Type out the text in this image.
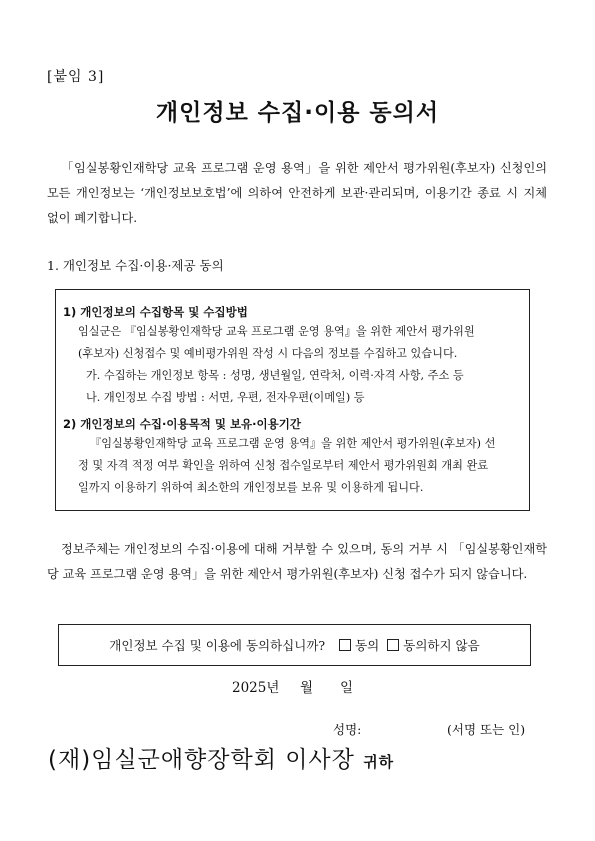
[붙임 3]
개인정보 수집·이용 동의서
「임실봉황인재학당 교육 프로그램 운영 용역」을 위한 제안서 평가위원(후보자) 신청인의 모든 개인정보는 ‘개인정보보호법’에 의하여 안전하게 보관·관리되며, 이용기간 종료 시 지체 없이 폐기합니다.
1. 개인정보 수집·이용·제공 동의
1) 개인정보의 수집항목 및 수집방법
임실군은 『임실봉황인재학당 교육 프로그램 운영 용역』을 위한 제안서 평가위원
(후보자) 신청접수 및 예비평가위원 작성 시 다음의 정보를 수집하고 있습니다.
가. 수집하는 개인정보 항목 : 성명, 생년월일, 연락처, 이력·자격 사항, 주소 등
나. 개인정보 수집 방법 : 서면, 우편, 전자우편(이메일) 등
2) 개인정보의 수집·이용목적 및 보유·이용기간
『임실봉황인재학당 교육 프로그램 운영 용역』을 위한 제안서 평가위원(후보자) 선
정 및 자격 적정 여부 확인을 위하여 신청 접수일로부터 제안서 평가위원회 개최 완료
일까지 이용하기 위하여 최소한의 개인정보를 보유 및 이용하게 됩니다.
정보주체는 개인정보의 수집·이용에 대해 거부할 수 있으며, 동의 거부 시 「임실봉황인재학당 교육 프로그램 운영 용역」을 위한 제안서 평가위원(후보자) 신청 접수가 되지 않습니다.
개인정보 수집 및 이용에 동의하십니까? 동의 동의하지 않음
2025년 월 일
성명:	(서명 또는 인)
(재)임실군애향장학회 이사장 귀하
